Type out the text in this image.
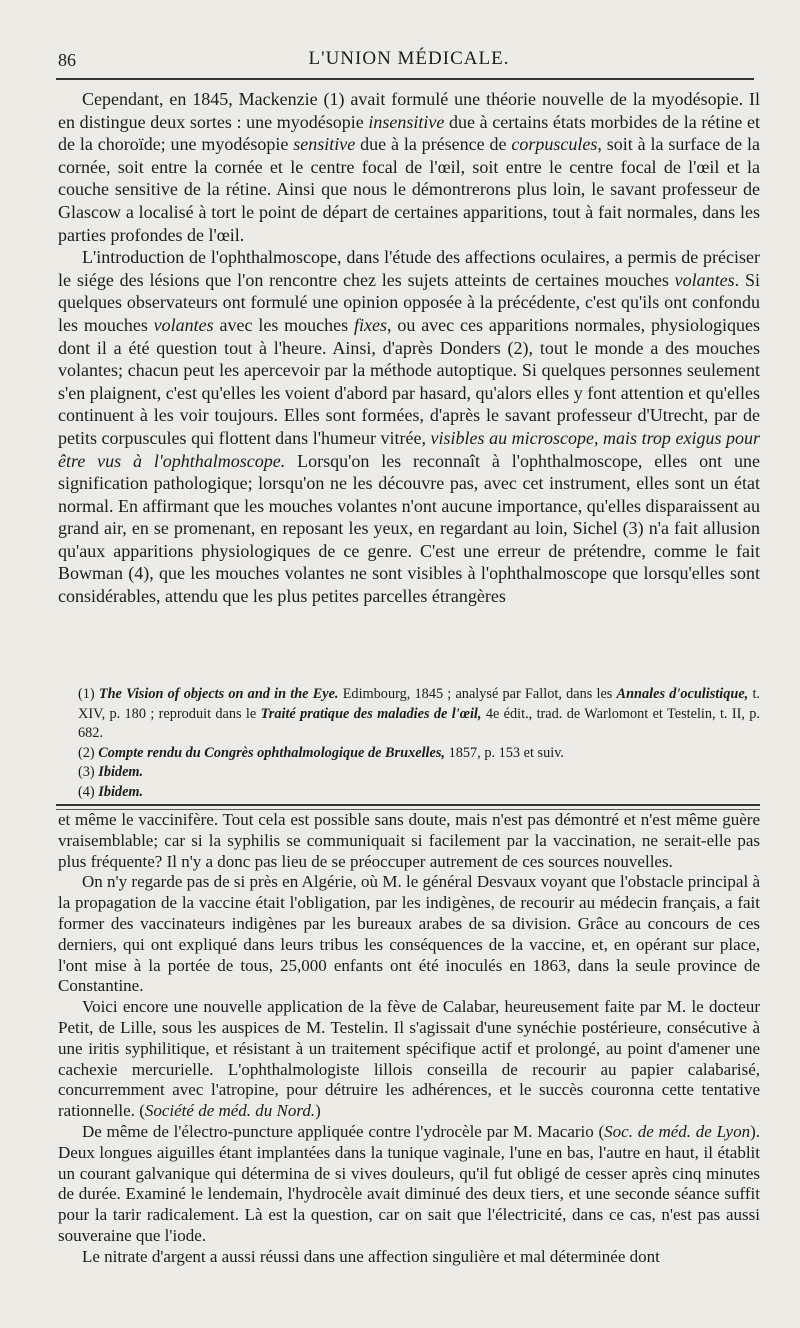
86	L'UNION MÉDICALE.

Cependant, en 1845, Mackenzie (1) avait formulé une théorie nouvelle de la myodésopie. Il en distingue deux sortes : une myodésopie insensitive due à certains états morbides de la rétine et de la choroïde; une myodésopie sensitive due à la présence de corpuscules, soit à la surface de la cornée, soit entre la cornée et le centre focal de l'œil, soit entre le centre focal de l'œil et la couche sensitive de la rétine. Ainsi que nous le démontrerons plus loin, le savant professeur de Glascow a localisé à tort le point de départ de certaines apparitions, tout à fait normales, dans les parties profondes de l'œil.

L'introduction de l'ophthalmoscope, dans l'étude des affections oculaires, a permis de préciser le siége des lésions que l'on rencontre chez les sujets atteints de certaines mouches volantes. Si quelques observateurs ont formulé une opinion opposée à la précédente, c'est qu'ils ont confondu les mouches volantes avec les mouches fixes, ou avec ces apparitions normales, physiologiques dont il a été question tout à l'heure. Ainsi, d'après Donders (2), tout le monde a des mouches volantes; chacun peut les apercevoir par la méthode autoptique. Si quelques personnes seulement s'en plaignent, c'est qu'elles les voient d'abord par hasard, qu'alors elles y font attention et qu'elles continuent à les voir toujours. Elles sont formées, d'après le savant professeur d'Utrecht, par de petits corpuscules qui flottent dans l'humeur vitrée, visibles au microscope, mais trop exigus pour être vus à l'ophthalmoscope. Lorsqu'on les reconnaît à l'ophthalmoscope, elles ont une signification pathologique; lorsqu'on ne les découvre pas, avec cet instrument, elles sont un état normal. En affirmant que les mouches volantes n'ont aucune importance, qu'elles disparaissent au grand air, en se promenant, en reposant les yeux, en regardant au loin, Sichel (3) n'a fait allusion qu'aux apparitions physiologiques de ce genre. C'est une erreur de prétendre, comme le fait Bowman (4), que les mouches volantes ne sont visibles à l'ophthalmoscope que lorsqu'elles sont considérables, attendu que les plus petites parcelles étrangères

(1) The Vision of objects on and in the Eye. Edimbourg, 1845 ; analysé par Fallot, dans les Annales d'oculistique, t. XIV, p. 180 ; reproduit dans le Traité pratique des maladies de l'œil, 4e édit., trad. de Warlomont et Testelin, t. II, p. 682.

(2) Compte rendu du Congrès ophthalmologique de Bruxelles, 1857, p. 153 et suiv.

(3) Ibidem.

(4) Ibidem.

et même le vaccinifère. Tout cela est possible sans doute, mais n'est pas démontré et n'est même guère vraisemblable; car si la syphilis se communiquait si facilement par la vaccination, ne serait-elle pas plus fréquente? Il n'y a donc pas lieu de se préoccuper autrement de ces sources nouvelles.

On n'y regarde pas de si près en Algérie, où M. le général Desvaux voyant que l'obstacle principal à la propagation de la vaccine était l'obligation, par les indigènes, de recourir au médecin français, a fait former des vaccinateurs indigènes par les bureaux arabes de sa division. Grâce au concours de ces derniers, qui ont expliqué dans leurs tribus les conséquences de la vaccine, et, en opérant sur place, l'ont mise à la portée de tous, 25,000 enfants ont été inoculés en 1863, dans la seule province de Constantine.

Voici encore une nouvelle application de la fève de Calabar, heureusement faite par M. le docteur Petit, de Lille, sous les auspices de M. Testelin. Il s'agissait d'une synéchie postérieure, consécutive à une iritis syphilitique, et résistant à un traitement spécifique actif et prolongé, au point d'amener une cachexie mercurielle. L'ophthalmologiste lillois conseilla de recourir au papier calabarisé, concurremment avec l'atropine, pour détruire les adhérences, et le succès couronna cette tentative rationnelle. (Société de méd. du Nord.)

De même de l'électro-puncture appliquée contre l'ydrocèle par M. Macario (Soc. de méd. de Lyon). Deux longues aiguilles étant implantées dans la tunique vaginale, l'une en bas, l'autre en haut, il établit un courant galvanique qui détermina de si vives douleurs, qu'il fut obligé de cesser après cinq minutes de durée. Examiné le lendemain, l'hydrocèle avait diminué des deux tiers, et une seconde séance suffit pour la tarir radicalement. Là est la question, car on sait que l'électricité, dans ce cas, n'est pas aussi souveraine que l'iode.

Le nitrate d'argent a aussi réussi dans une affection singulière et mal déterminée dont
